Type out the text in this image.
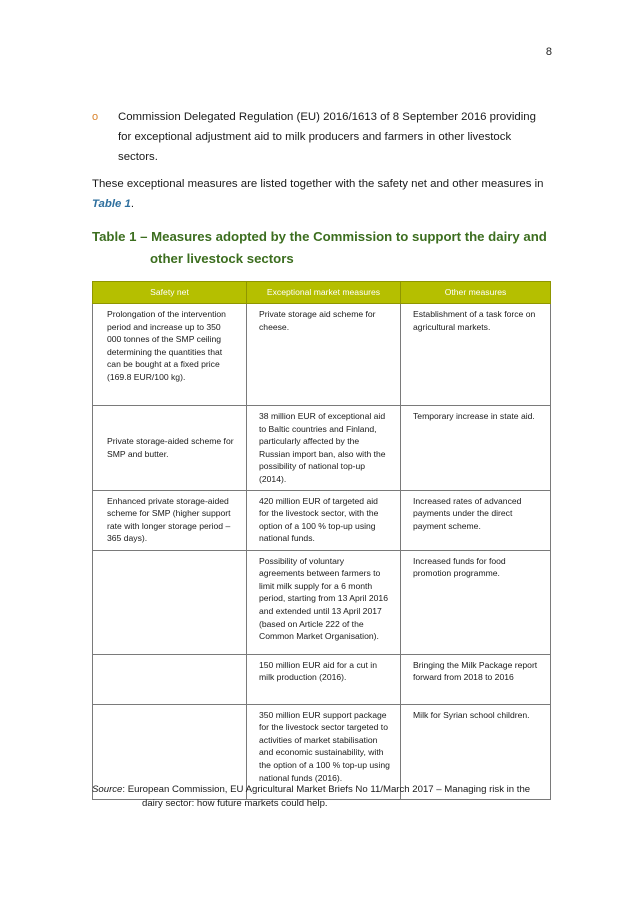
8
o Commission Delegated Regulation (EU) 2016/1613 of 8 September 2016 providing for exceptional adjustment aid to milk producers and farmers in other livestock sectors.
These exceptional measures are listed together with the safety net and other measures in Table 1.
Table 1 – Measures adopted by the Commission to support the dairy and
other livestock sectors
Safety net	Exceptional market measures	Other measures
Prolongation of the intervention period and increase up to 350 000 tonnes of the SMP ceiling determining the quantities that can be bought at a fixed price (169.8 EUR/100 kg).	Private storage aid scheme for cheese.	Establishment of a task force on agricultural markets.
Private storage-aided scheme for SMP and butter.	38 million EUR of exceptional aid to Baltic countries and Finland, particularly affected by the Russian import ban, also with the possibility of national top-up (2014).	Temporary increase in state aid.
Enhanced private storage-aided scheme for SMP (higher support rate with longer storage period – 365 days).	420 million EUR of targeted aid for the livestock sector, with the option of a 100 % top-up using national funds.	Increased rates of advanced payments under the direct payment scheme.
	Possibility of voluntary agreements between farmers to limit milk supply for a 6 month period, starting from 13 April 2016 and extended until 13 April 2017 (based on Article 222 of the Common Market Organisation).	Increased funds for food promotion programme.
	150 million EUR aid for a cut in milk production (2016).	Bringing the Milk Package report forward from 2018 to 2016
	350 million EUR support package for the livestock sector targeted to activities of market stabilisation and economic sustainability, with the option of a 100 % top-up using national funds (2016).	Milk for Syrian school children.
Source: European Commission, EU Agricultural Market Briefs No 11/March 2017 – Managing risk in the
dairy sector: how future markets could help.
